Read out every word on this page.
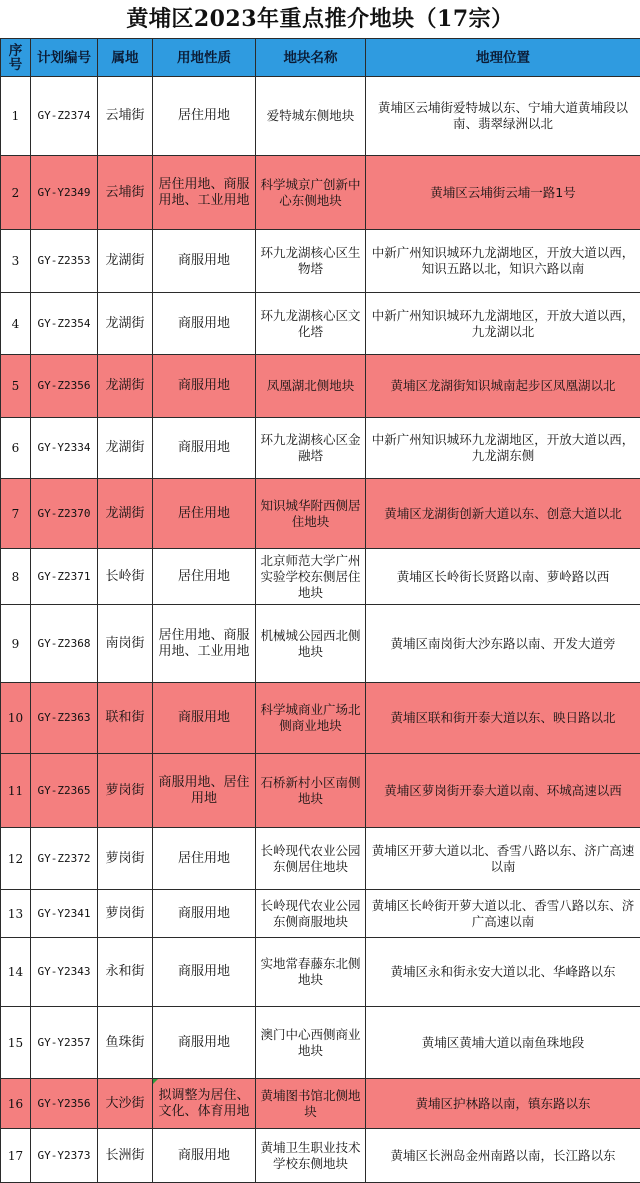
黄埔区2023年重点推介地块（17宗）
序号	计划编号	属地	用地性质	地块名称	地理位置
1	GY-Z2374	云埔街	居住用地	爱特城东侧地块	黄埔区云埔街爱特城以东、宁埔大道黄埔段以南、翡翠绿洲以北
2	GY-Y2349	云埔街	居住用地、商服用地、工业用地	科学城京广创新中心东侧地块	黄埔区云埔街云埔一路1号
3	GY-Z2353	龙湖街	商服用地	环九龙湖核心区生物塔	中新广州知识城环九龙湖地区，开放大道以西，知识五路以北，知识六路以南
4	GY-Z2354	龙湖街	商服用地	环九龙湖核心区文化塔	中新广州知识城环九龙湖地区，开放大道以西，九龙湖以北
5	GY-Z2356	龙湖街	商服用地	凤凰湖北侧地块	黄埔区龙湖街知识城南起步区凤凰湖以北
6	GY-Y2334	龙湖街	商服用地	环九龙湖核心区金融塔	中新广州知识城环九龙湖地区，开放大道以西，九龙湖东侧
7	GY-Z2370	龙湖街	居住用地	知识城华附西侧居住地块	黄埔区龙湖街创新大道以东、创意大道以北
8	GY-Z2371	长岭街	居住用地	北京师范大学广州实验学校东侧居住地块	黄埔区长岭街长贤路以南、萝岭路以西
9	GY-Z2368	南岗街	居住用地、商服用地、工业用地	机械城公园西北侧地块	黄埔区南岗街大沙东路以南、开发大道旁
10	GY-Z2363	联和街	商服用地	科学城商业广场北侧商业地块	黄埔区联和街开泰大道以东、映日路以北
11	GY-Z2365	萝岗街	商服用地、居住用地	石桥新村小区南侧地块	黄埔区萝岗街开泰大道以南、环城高速以西
12	GY-Z2372	萝岗街	居住用地	长岭现代农业公园东侧居住地块	黄埔区开萝大道以北、香雪八路以东、济广高速以南
13	GY-Y2341	萝岗街	商服用地	长岭现代农业公园东侧商服地块	黄埔区长岭街开萝大道以北、香雪八路以东、济广高速以南
14	GY-Y2343	永和街	商服用地	实地常春藤东北侧地块	黄埔区永和街永安大道以北、华峰路以东
15	GY-Y2357	鱼珠街	商服用地	澳门中心西侧商业地块	黄埔区黄埔大道以南鱼珠地段
16	GY-Y2356	大沙街	拟调整为居住、文化、体育用地	黄埔图书馆北侧地块	黄埔区护林路以南，镇东路以东
17	GY-Y2373	长洲街	商服用地	黄埔卫生职业技术学校东侧地块	黄埔区长洲岛金州南路以南，长江路以东
